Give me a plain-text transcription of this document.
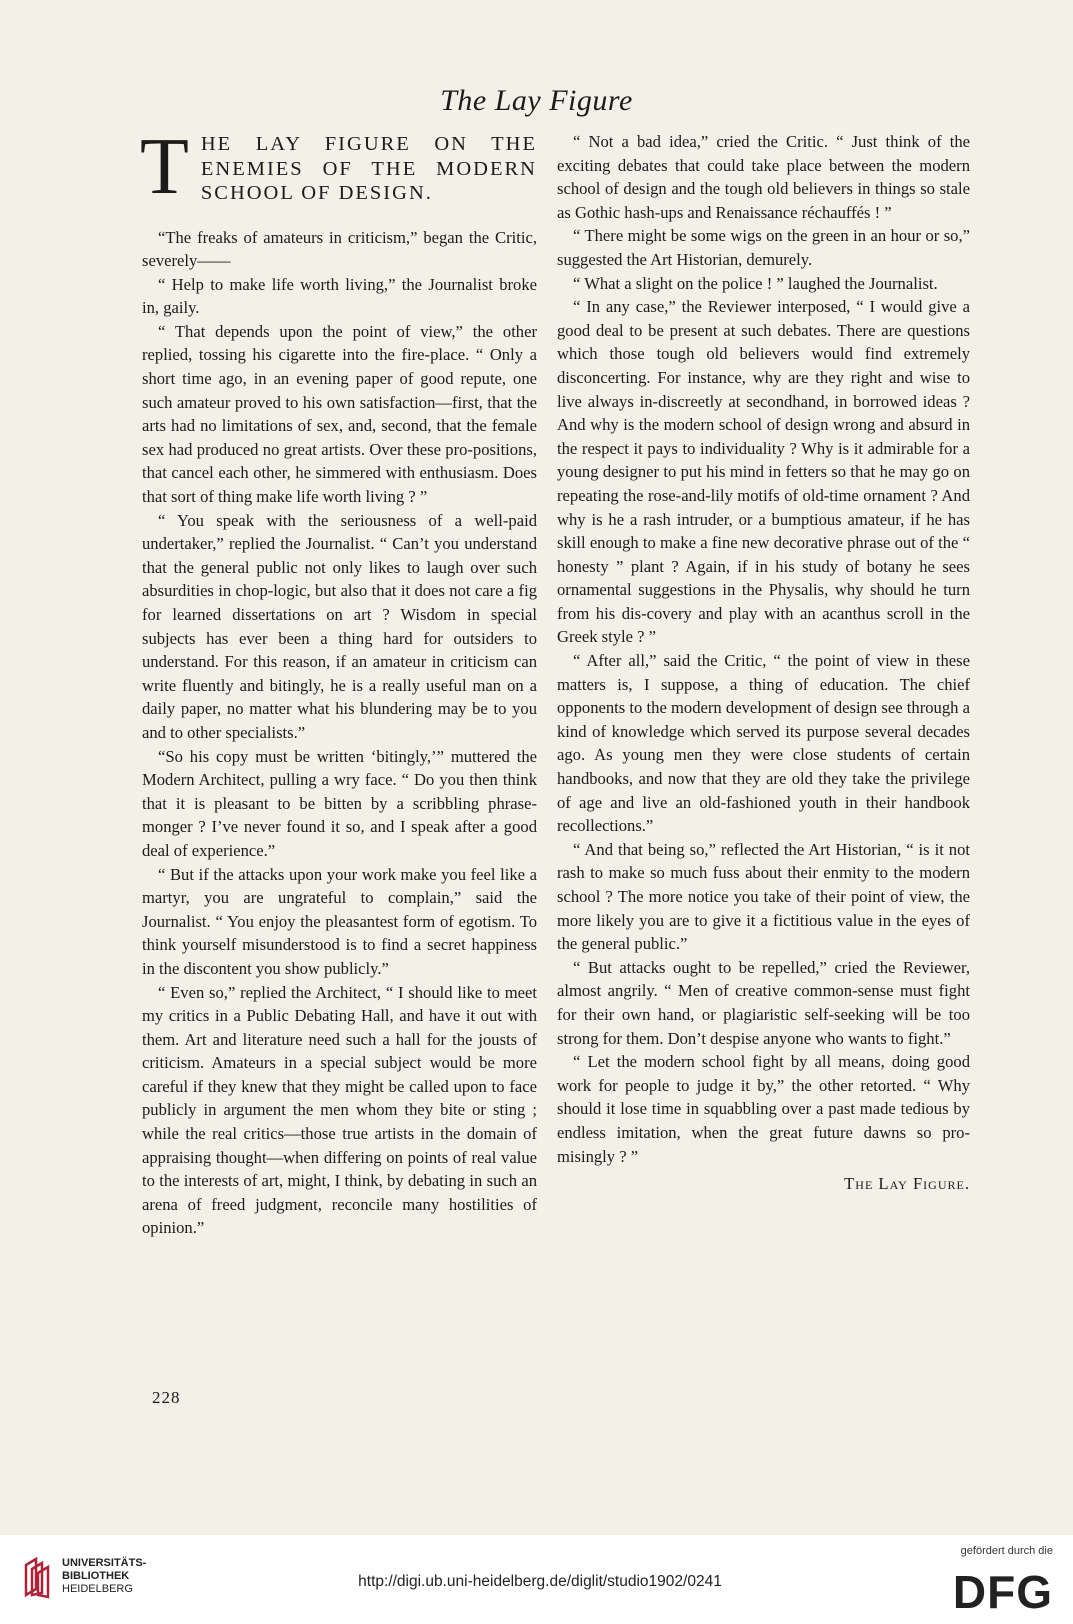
The Lay Figure
THE LAY FIGURE ON THE ENEMIES OF THE MODERN SCHOOL OF DESIGN.

“The freaks of amateurs in criticism,” began the Critic, severely——

“ Help to make life worth living,” the Journalist broke in, gaily.

“ That depends upon the point of view,” the other replied, tossing his cigarette into the fire-place. “ Only a short time ago, in an evening paper of good repute, one such amateur proved to his own satisfaction—first, that the arts had no limitations of sex, and, second, that the female sex had produced no great artists. Over these pro-positions, that cancel each other, he simmered with enthusiasm. Does that sort of thing make life worth living ? ”

“ You speak with the seriousness of a well-paid undertaker,” replied the Journalist. “ Can’t you understand that the general public not only likes to laugh over such absurdities in chop-logic, but also that it does not care a fig for learned dissertations on art ? Wisdom in special subjects has ever been a thing hard for outsiders to understand. For this reason, if an amateur in criticism can write fluently and bitingly, he is a really useful man on a daily paper, no matter what his blundering may be to you and to other specialists.”

“So his copy must be written ‘bitingly,’” muttered the Modern Architect, pulling a wry face. “ Do you then think that it is pleasant to be bitten by a scribbling phrase-monger ? I’ve never found it so, and I speak after a good deal of experience.”

“ But if the attacks upon your work make you feel like a martyr, you are ungrateful to complain,” said the Journalist. “ You enjoy the pleasantest form of egotism. To think yourself misunderstood is to find a secret happiness in the discontent you show publicly.”

“ Even so,” replied the Architect, “ I should like to meet my critics in a Public Debating Hall, and have it out with them. Art and literature need such a hall for the jousts of criticism. Amateurs in a special subject would be more careful if they knew that they might be called upon to face publicly in argument the men whom they bite or sting ; while the real critics—those true artists in the domain of appraising thought—when differing on points of real value to the interests of art, might, I think, by debating in such an arena of freed judgment, reconcile many hostilities of opinion.”

“ Not a bad idea,” cried the Critic. “ Just think of the exciting debates that could take place between the modern school of design and the tough old believers in things so stale as Gothic hash-ups and Renaissance réchauffés ! ”

“ There might be some wigs on the green in an hour or so,” suggested the Art Historian, demurely.

“ What a slight on the police ! ” laughed the Journalist.

“ In any case,” the Reviewer interposed, “ I would give a good deal to be present at such debates. There are questions which those tough old believers would find extremely disconcerting. For instance, why are they right and wise to live always in-discreetly at secondhand, in borrowed ideas ? And why is the modern school of design wrong and absurd in the respect it pays to individuality ? Why is it admirable for a young designer to put his mind in fetters so that he may go on repeating the rose-and-lily motifs of old-time ornament ? And why is he a rash intruder, or a bumptious amateur, if he has skill enough to make a fine new decorative phrase out of the “ honesty ” plant ? Again, if in his study of botany he sees ornamental suggestions in the Physalis, why should he turn from his dis-covery and play with an acanthus scroll in the Greek style ? ”

“ After all,” said the Critic, “ the point of view in these matters is, I suppose, a thing of education. The chief opponents to the modern development of design see through a kind of knowledge which served its purpose several decades ago. As young men they were close students of certain handbooks, and now that they are old they take the privilege of age and live an old-fashioned youth in their handbook recollections.”

“ And that being so,” reflected the Art Historian, “ is it not rash to make so much fuss about their enmity to the modern school ? The more notice you take of their point of view, the more likely you are to give it a fictitious value in the eyes of the general public.”

“ But attacks ought to be repelled,” cried the Reviewer, almost angrily. “ Men of creative common-sense must fight for their own hand, or plagiaristic self-seeking will be too strong for them. Don’t despise anyone who wants to fight.”

“ Let the modern school fight by all means, doing good work for people to judge it by,” the other retorted. “ Why should it lose time in squabbling over a past made tedious by endless imitation, when the great future dawns so pro-misingly ? ”

The Lay Figure.
228
UNIVERSITÄTS-
BIBLIOTHEK
HEIDELBERG	http://digi.ub.uni-heidelberg.de/diglit/studio1902/0241
gefördert durch die
DFG
